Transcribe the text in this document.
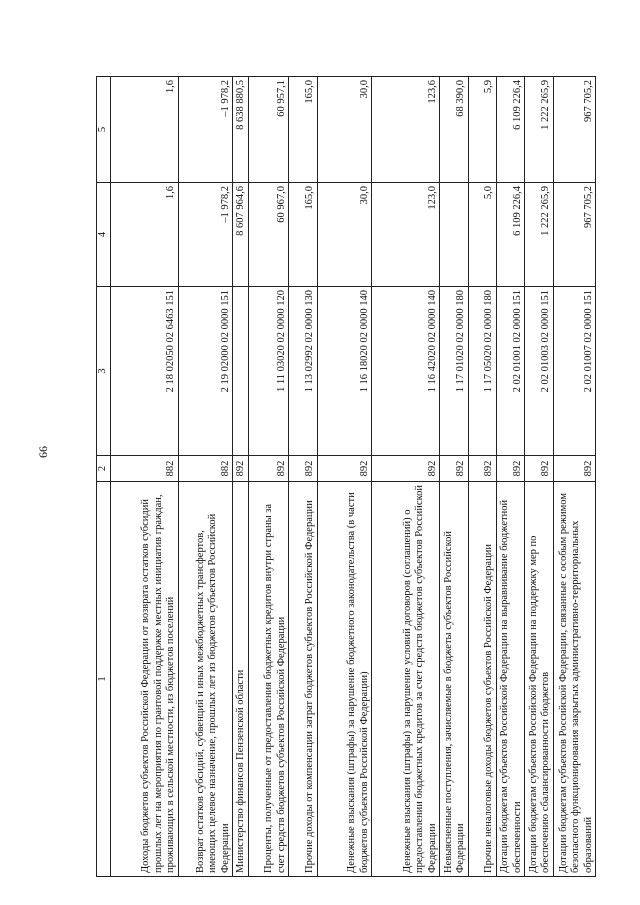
66
1	2	3	4	5
Доходы бюджетов субъектов Российской Федерации от возврата остатков субсидий прошлых лет на мероприятия по грантовой поддержке местных инициатив граждан, проживающих в сельской местности, из бюджетов поселений	882	2 18 02050 02 6463 151	1,6	1,6
Возврат остатков субсидий, субвенций и иных межбюджетных трансфертов, имеющих целевое назначение, прошлых лет из бюджетов субъектов Российской Федерации	882	2 19 02000 02 0000 151	–1 978,2	–1 978,2
Министерство финансов Пензенской области	892		8 607 964,6	8 638 880,5
Проценты, полученные от предоставления бюджетных кредитов внутри страны за счет средств бюджетов субъектов Российской Федерации	892	1 11 03020 02 0000 120	60 967,0	60 957,1
Прочие доходы от компенсации затрат бюджетов субъектов Российской Федерации	892	1 13 02992 02 0000 130	165,0	165,0
Денежные взыскания (штрафы) за нарушение бюджетного законодательства (в части бюджетов субъектов Российской Федерации)	892	1 16 18020 02 0000 140	30,0	30,0
Денежные взыскания (штрафы) за нарушение условий договоров (соглашений) о предоставлении бюджетных кредитов за счет средств бюджетов субъектов Российской Федерации	892	1 16 42020 02 0000 140	123,0	123,6
Невыясненные поступления, зачисляемые в бюджеты субъектов Российской Федерации	892	1 17 01020 02 0000 180		68 390,0
Прочие неналоговые доходы бюджетов субъектов Российской Федерации	892	1 17 05020 02 0000 180	5,0	5,9
Дотации бюджетам субъектов Российской Федерации на выравнивание бюджетной обеспеченности	892	2 02 01001 02 0000 151	6 109 226,4	6 109 226,4
Дотации бюджетам субъектов Российской Федерации на поддержку мер по обеспечению сбалансированности бюджетов	892	2 02 01003 02 0000 151	1 222 265,9	1 222 265,9
Дотации бюджетам субъектов Российской Федерации, связанные с особым режимом безопасного функционирования закрытых административно-территориальных образований	892	2 02 01007 02 0000 151	967 705,2	967 705,2
